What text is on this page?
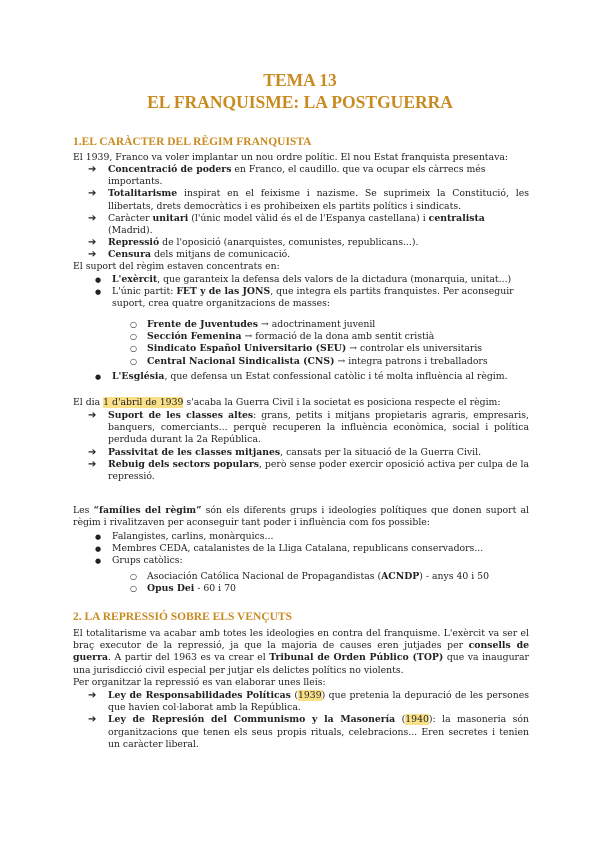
TEMA 13
EL FRANQUISME: LA POSTGUERRA
1.EL CARÀCTER DEL RÈGIM FRANQUISTA
El 1939, Franco va voler implantar un nou ordre polític. El nou Estat franquista presentava:
➔ Concentració de poders en Franco, el caudillo. que va ocupar els càrrecs més importants.
➔ Totalitarisme inspirat en el feixisme i nazisme. Se suprimeix la Constitució, les llibertats, drets democràtics i es prohibeixen els partits polítics i sindicats.
➔ Caràcter unitari (l'únic model vàlid és el de l'Espanya castellana) i centralista (Madrid).
➔ Repressió de l'oposició (anarquistes, comunistes, republicans...).
➔ Censura dels mitjans de comunicació.
El suport del règim estaven concentrats en:
● L'exèrcit, que garanteix la defensa dels valors de la dictadura (monarquia, unitat...)
● L'únic partit: FET y de las JONS, que integra els partits franquistes. Per aconseguir suport, crea quatre organitzacions de masses:
○ Frente de Juventudes → adoctrinament juvenil
○ Sección Femenina → formació de la dona amb sentit cristià
○ Sindicato Español Universitario (SEU) → controlar els universitaris
○ Central Nacional Sindicalista (CNS) → integra patrons i treballadors
● L'Església, que defensa un Estat confessional catòlic i té molta influència al règim.
El dia 1 d'abril de 1939 s'acaba la Guerra Civil i la societat es posiciona respecte el règim:
➔ Suport de les classes altes: grans, petits i mitjans propietaris agraris, empresaris, banquers, comerciants... perquè recuperen la influència econòmica, social i política perduda durant la 2a República.
➔ Passivitat de les classes mitjanes, cansats per la situació de la Guerra Civil.
➔ Rebuig dels sectors populars, però sense poder exercir oposició activa per culpa de la repressió.
Les “famílies del règim” són els diferents grups i ideologies polítiques que donen suport al règim i rivalitzaven per aconseguir tant poder i influència com fos possible:
● Falangistes, carlins, monàrquics...
● Membres CEDA, catalanistes de la Lliga Catalana, republicans conservadors...
● Grups catòlics:
○ Asociación Católica Nacional de Propagandistas (ACNDP) - anys 40 i 50
○ Opus Dei - 60 i 70
2. LA REPRESSIÓ SOBRE ELS VENÇUTS
El totalitarisme va acabar amb totes les ideologies en contra del franquisme. L'exèrcit va ser el braç executor de la repressió, ja que la majoria de causes eren jutjades per consells de guerra. A partir del 1963 es va crear el Tribunal de Orden Público (TOP) que va inaugurar una jurisdicció civil especial per jutjar els delictes polítics no violents.
Per organitzar la repressió es van elaborar unes lleis:
➔ Ley de Responsabilidades Políticas (1939) que pretenia la depuració de les persones que havien col·laborat amb la República.
➔ Ley de Represión del Communismo y la Masonería (1940): la masoneria són organitzacions que tenen els seus propis rituals, celebracions... Eren secretes i tenien un caràcter liberal.
